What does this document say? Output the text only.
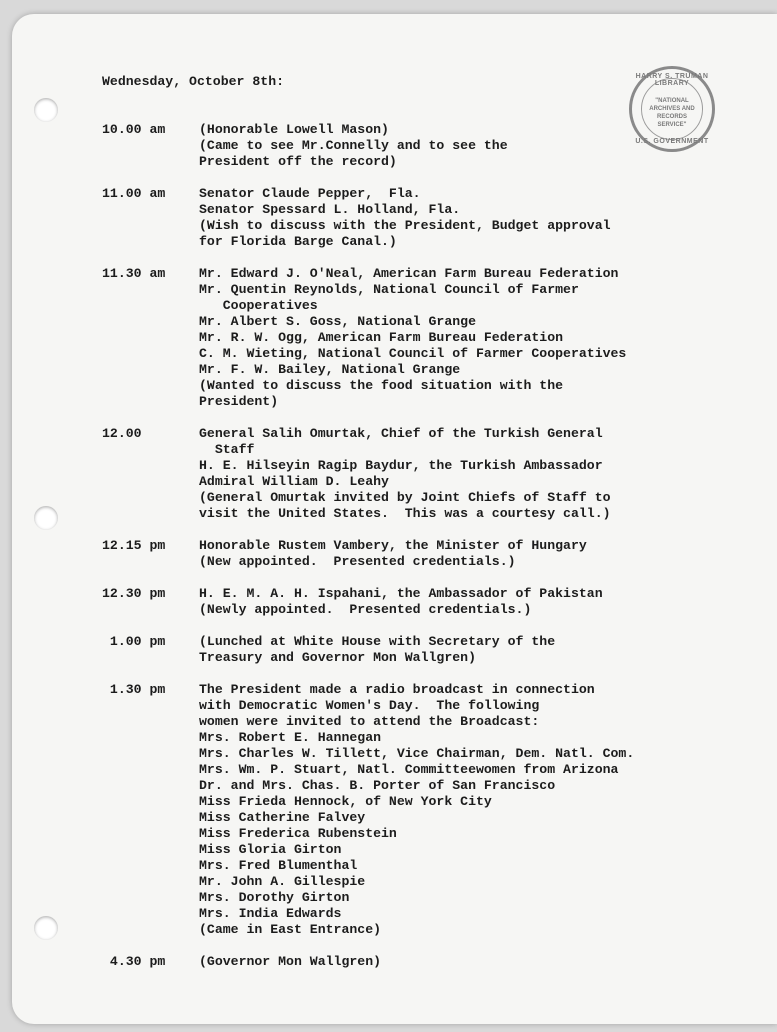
HARRY S. TRUMAN LIBRARY
"NATIONAL
ARCHIVES AND
RECORDS
SERVICE"
U.S. GOVERNMENT
Wednesday, October 8th:
10.00 am	(Honorable Lowell Mason)
(Came to see Mr.Connelly and to see the
President off the record)
11.00 am	Senator Claude Pepper,  Fla.
Senator Spessard L. Holland, Fla.
(Wish to discuss with the President, Budget approval
for Florida Barge Canal.)
11.30 am	Mr. Edward J. O'Neal, American Farm Bureau Federation
Mr. Quentin Reynolds, National Council of Farmer
Cooperatives
Mr. Albert S. Goss, National Grange
Mr. R. W. Ogg, American Farm Bureau Federation
C. M. Wieting, National Council of Farmer Cooperatives
Mr. F. W. Bailey, National Grange
(Wanted to discuss the food situation with the
President)
12.00	General Salih Omurtak, Chief of the Turkish General
Staff
H. E. Hilseyin Ragip Baydur, the Turkish Ambassador
Admiral William D. Leahy
(General Omurtak invited by Joint Chiefs of Staff to
visit the United States.  This was a courtesy call.)
12.15 pm	Honorable Rustem Vambery, the Minister of Hungary
(New appointed.  Presented credentials.)
12.30 pm	H. E. M. A. H. Ispahani, the Ambassador of Pakistan
(Newly appointed.  Presented credentials.)
1.00 pm	(Lunched at White House with Secretary of the
Treasury and Governor Mon Wallgren)
1.30 pm	The President made a radio broadcast in connection
with Democratic Women's Day.  The following
women were invited to attend the Broadcast:
Mrs. Robert E. Hannegan
Mrs. Charles W. Tillett, Vice Chairman, Dem. Natl. Com.
Mrs. Wm. P. Stuart, Natl. Committeewomen from Arizona
Dr. and Mrs. Chas. B. Porter of San Francisco
Miss Frieda Hennock, of New York City
Miss Catherine Falvey
Miss Frederica Rubenstein
Miss Gloria Girton
Mrs. Fred Blumenthal
Mr. John A. Gillespie
Mrs. Dorothy Girton
Mrs. India Edwards
(Came in East Entrance)
4.30 pm	(Governor Mon Wallgren)
